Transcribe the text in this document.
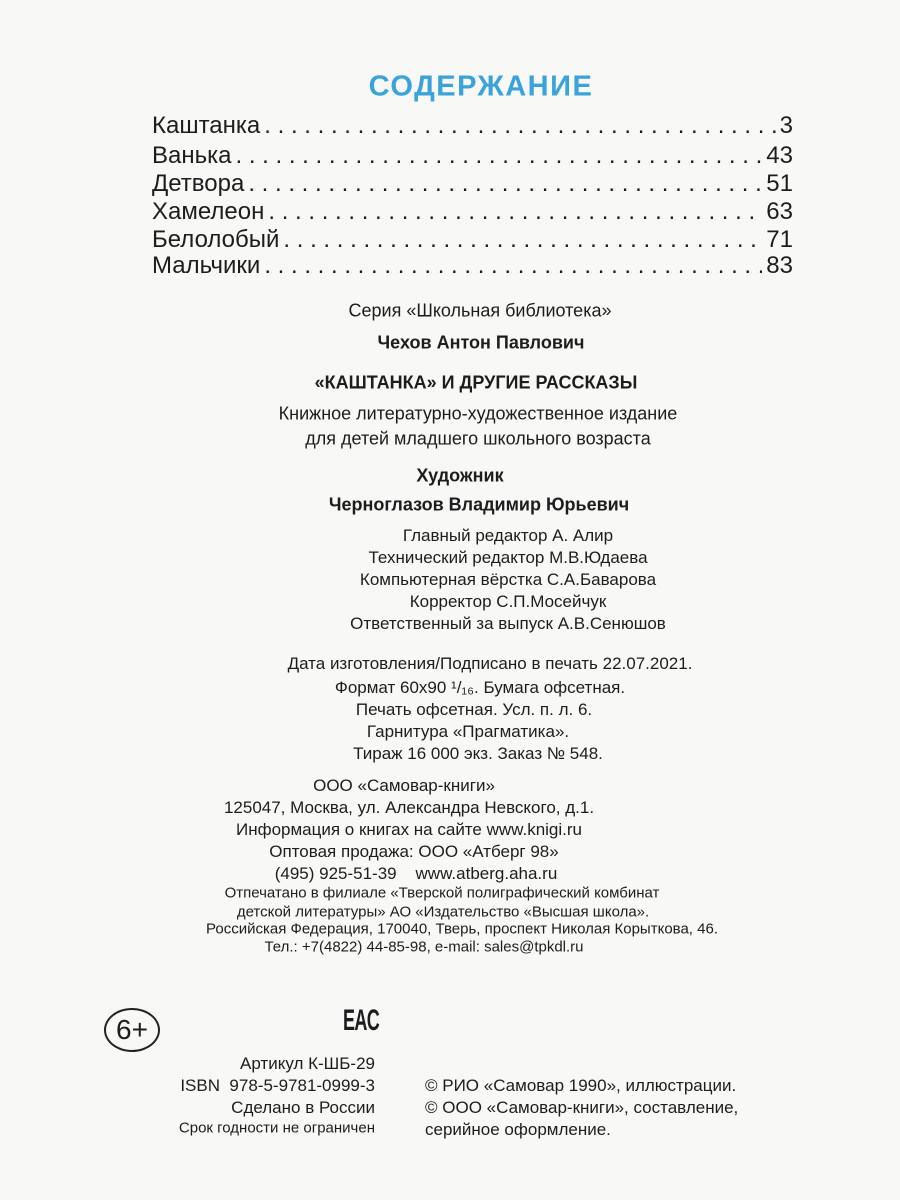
СОДЕРЖАНИЕ
Каштанка . . .	3
Ванька . . .	43
Детвора . . .	51
Хамелеон . . .	63
Белолобый . . .	71
Мальчики . . .	83
Серия «Школьная библиотека»
Чехов Антон Павлович
«КАШТАНКА» И ДРУГИЕ РАССКАЗЫ
Книжное литературно-художественное издание
для детей младшего школьного возраста
Художник
Черноглазов Владимир Юрьевич
Главный редактор А. Алир
Технический редактор М.В.Юдаева
Компьютерная вёрстка С.А.Баварова
Корректор С.П.Мосейчук
Ответственный за выпуск А.В.Сенюшов
Дата изготовления/Подписано в печать 22.07.2021.
Формат 60x90 ¹/₁₆. Бумага офсетная.
Печать офсетная. Усл. п. л. 6.
Гарнитура «Прагматика».
Тираж 16 000 экз. Заказ № 548.
ООО «Самовар-книги»
125047, Москва, ул. Александра Невского, д.1.
Информация о книгах на сайте www.knigi.ru
Оптовая продажа: ООО «Атберг 98»
(495) 925-51-39    www.atberg.aha.ru
Отпечатано в филиале «Тверской полиграфический комбинат
детской литературы» АО «Издательство «Высшая школа».
Российская Федерация, 170040, Тверь, проспект Николая Корыткова, 46.
Тел.: +7(4822) 44-85-98, e-mail: sales@tpkdl.ru
6+	EAC
Артикул К-ШБ-29
ISBN  978-5-9781-0999-3
Сделано в России
Срок годности не ограничен
© РИО «Самовар 1990», иллюстрации.
© ООО «Самовар-книги», составление,
серийное оформление.
